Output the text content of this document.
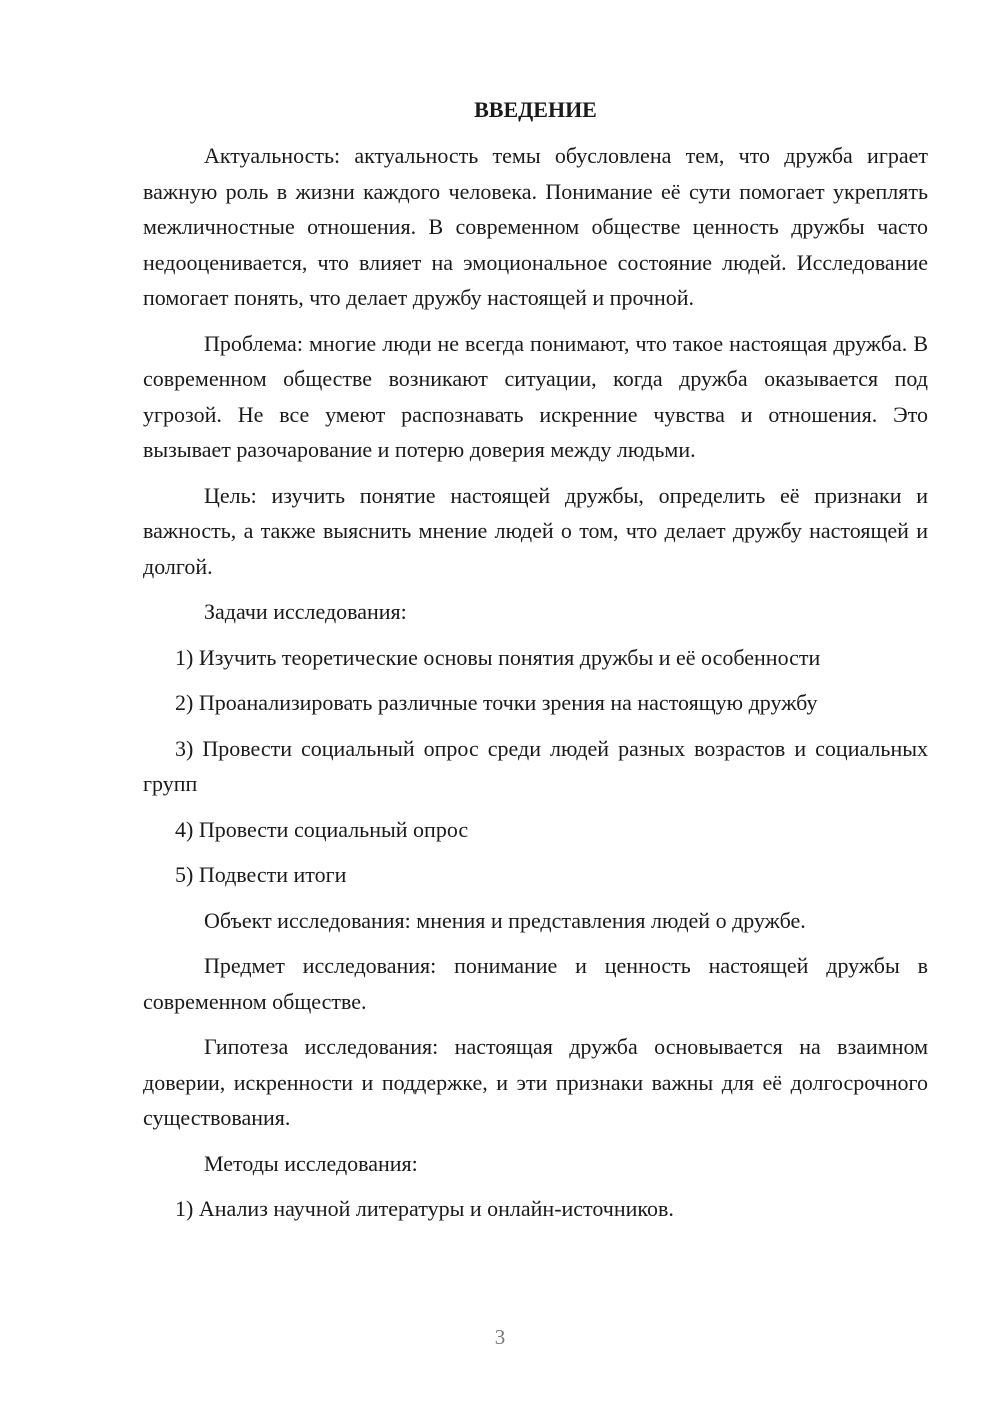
ВВЕДЕНИЕ

Актуальность: актуальность темы обусловлена тем, что дружба играет важную роль в жизни каждого человека. Понимание её сути помогает укреплять межличностные отношения. В современном обществе ценность дружбы часто недооценивается, что влияет на эмоциональное состояние людей. Исследование помогает понять, что делает дружбу настоящей и прочной.

Проблема: многие люди не всегда понимают, что такое настоящая дружба. В современном обществе возникают ситуации, когда дружба оказывается под угрозой. Не все умеют распознавать искренние чувства и отношения. Это вызывает разочарование и потерю доверия между людьми.

Цель: изучить понятие настоящей дружбы, определить её признаки и важность, а также выяснить мнение людей о том, что делает дружбу настоящей и долгой.

Задачи исследования:

1) Изучить теоретические основы понятия дружбы и её особенности

2) Проанализировать различные точки зрения на настоящую дружбу

3) Провести социальный опрос среди людей разных возрастов и социальных групп

4) Провести социальный опрос

5) Подвести итоги

Объект исследования: мнения и представления людей о дружбе.

Предмет исследования: понимание и ценность настоящей дружбы в современном обществе.

Гипотеза исследования: настоящая дружба основывается на взаимном доверии, искренности и поддержке, и эти признаки важны для её долгосрочного существования.

Методы исследования:

1) Анализ научной литературы и онлайн-источников.

3
